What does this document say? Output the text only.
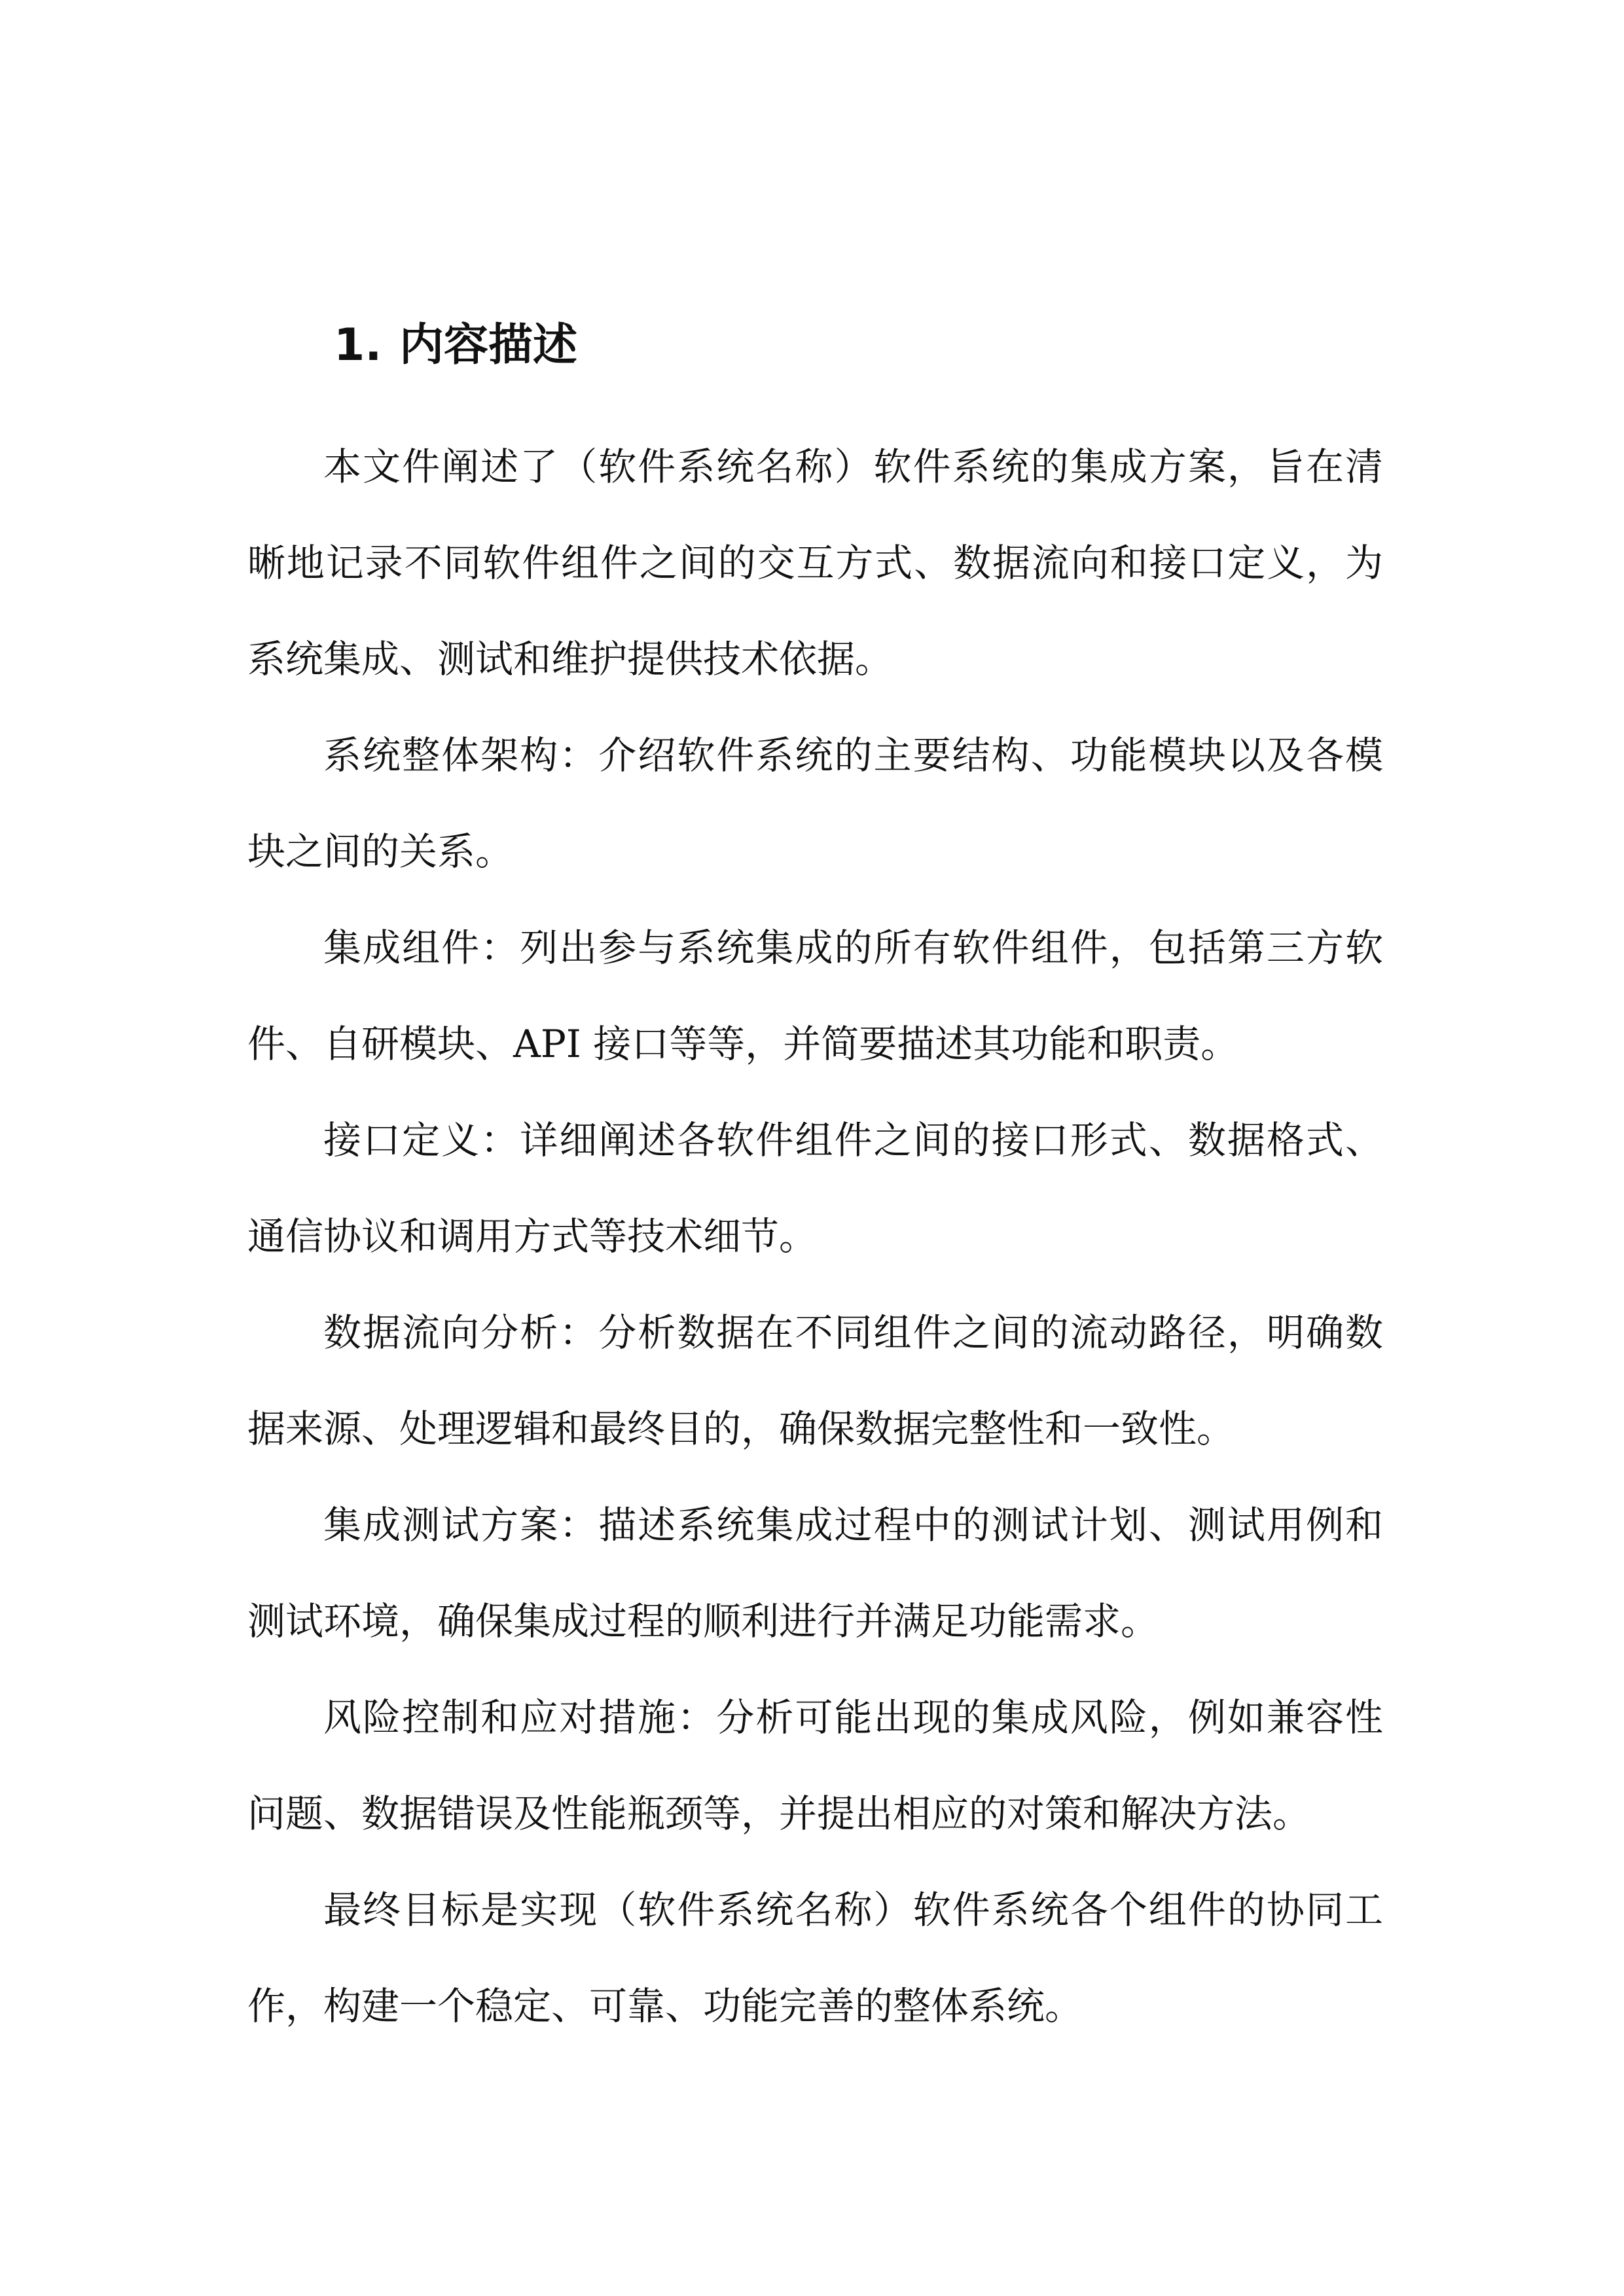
1. 内容描述

本文件阐述了（软件系统名称）软件系统的集成方案，旨在清晰地记录不同软件组件之间的交互方式、数据流向和接口定义，为系统集成、测试和维护提供技术依据。

系统整体架构：介绍软件系统的主要结构、功能模块以及各模块之间的关系。

集成组件：列出参与系统集成的所有软件组件，包括第三方软件、自研模块、API 接口等等，并简要描述其功能和职责。

接口定义：详细阐述各软件组件之间的接口形式、数据格式、通信协议和调用方式等技术细节。

数据流向分析：分析数据在不同组件之间的流动路径，明确数据来源、处理逻辑和最终目的，确保数据完整性和一致性。

集成测试方案：描述系统集成过程中的测试计划、测试用例和测试环境，确保集成过程的顺利进行并满足功能需求。

风险控制和应对措施：分析可能出现的集成风险，例如兼容性问题、数据错误及性能瓶颈等，并提出相应的对策和解决方法。

最终目标是实现（软件系统名称）软件系统各个组件的协同工作，构建一个稳定、可靠、功能完善的整体系统。
